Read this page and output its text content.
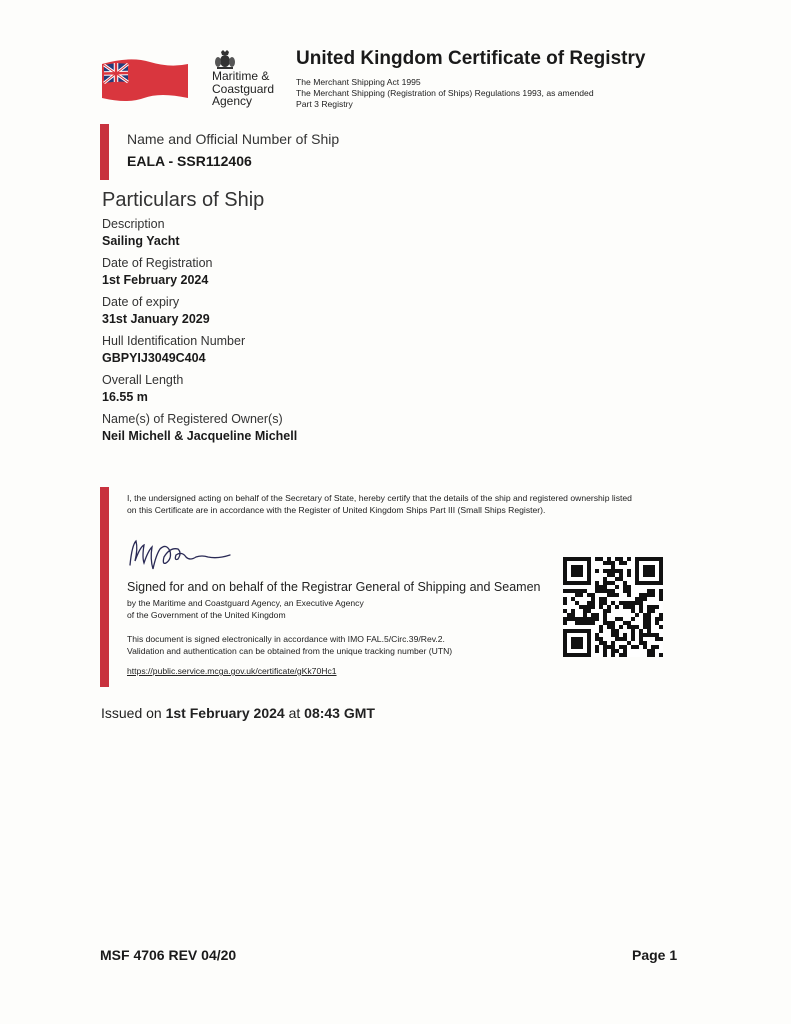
Maritime &
Coastguard
Agency
United Kingdom Certificate of Registry
The Merchant Shipping Act 1995
The Merchant Shipping (Registration of Ships) Regulations 1993, as amended
Part 3 Registry
Name and Official Number of Ship
EALA - SSR112406
Particulars of Ship
Description
Sailing Yacht
Date of Registration
1st February 2024
Date of expiry
31st January 2029
Hull Identification Number
GBPYIJ3049C404
Overall Length
16.55 m
Name(s) of Registered Owner(s)
Neil Michell & Jacqueline Michell
I, the undersigned acting on behalf of the Secretary of State, hereby certify that the details of the ship and registered ownership listed on this Certificate are in accordance with the Register of United Kingdom Ships Part III (Small Ships Register).
Signed for and on behalf of the Registrar General of Shipping and Seamen
by the Maritime and Coastguard Agency, an Executive Agency
of the Government of the United Kingdom
This document is signed electronically in accordance with IMO FAL.5/Circ.39/Rev.2.
Validation and authentication can be obtained from the unique tracking number (UTN)
https://public.service.mcga.gov.uk/certificate/gKk70Hc1
Issued on 1st February 2024 at 08:43 GMT
MSF 4706 REV 04/20	Page 1
